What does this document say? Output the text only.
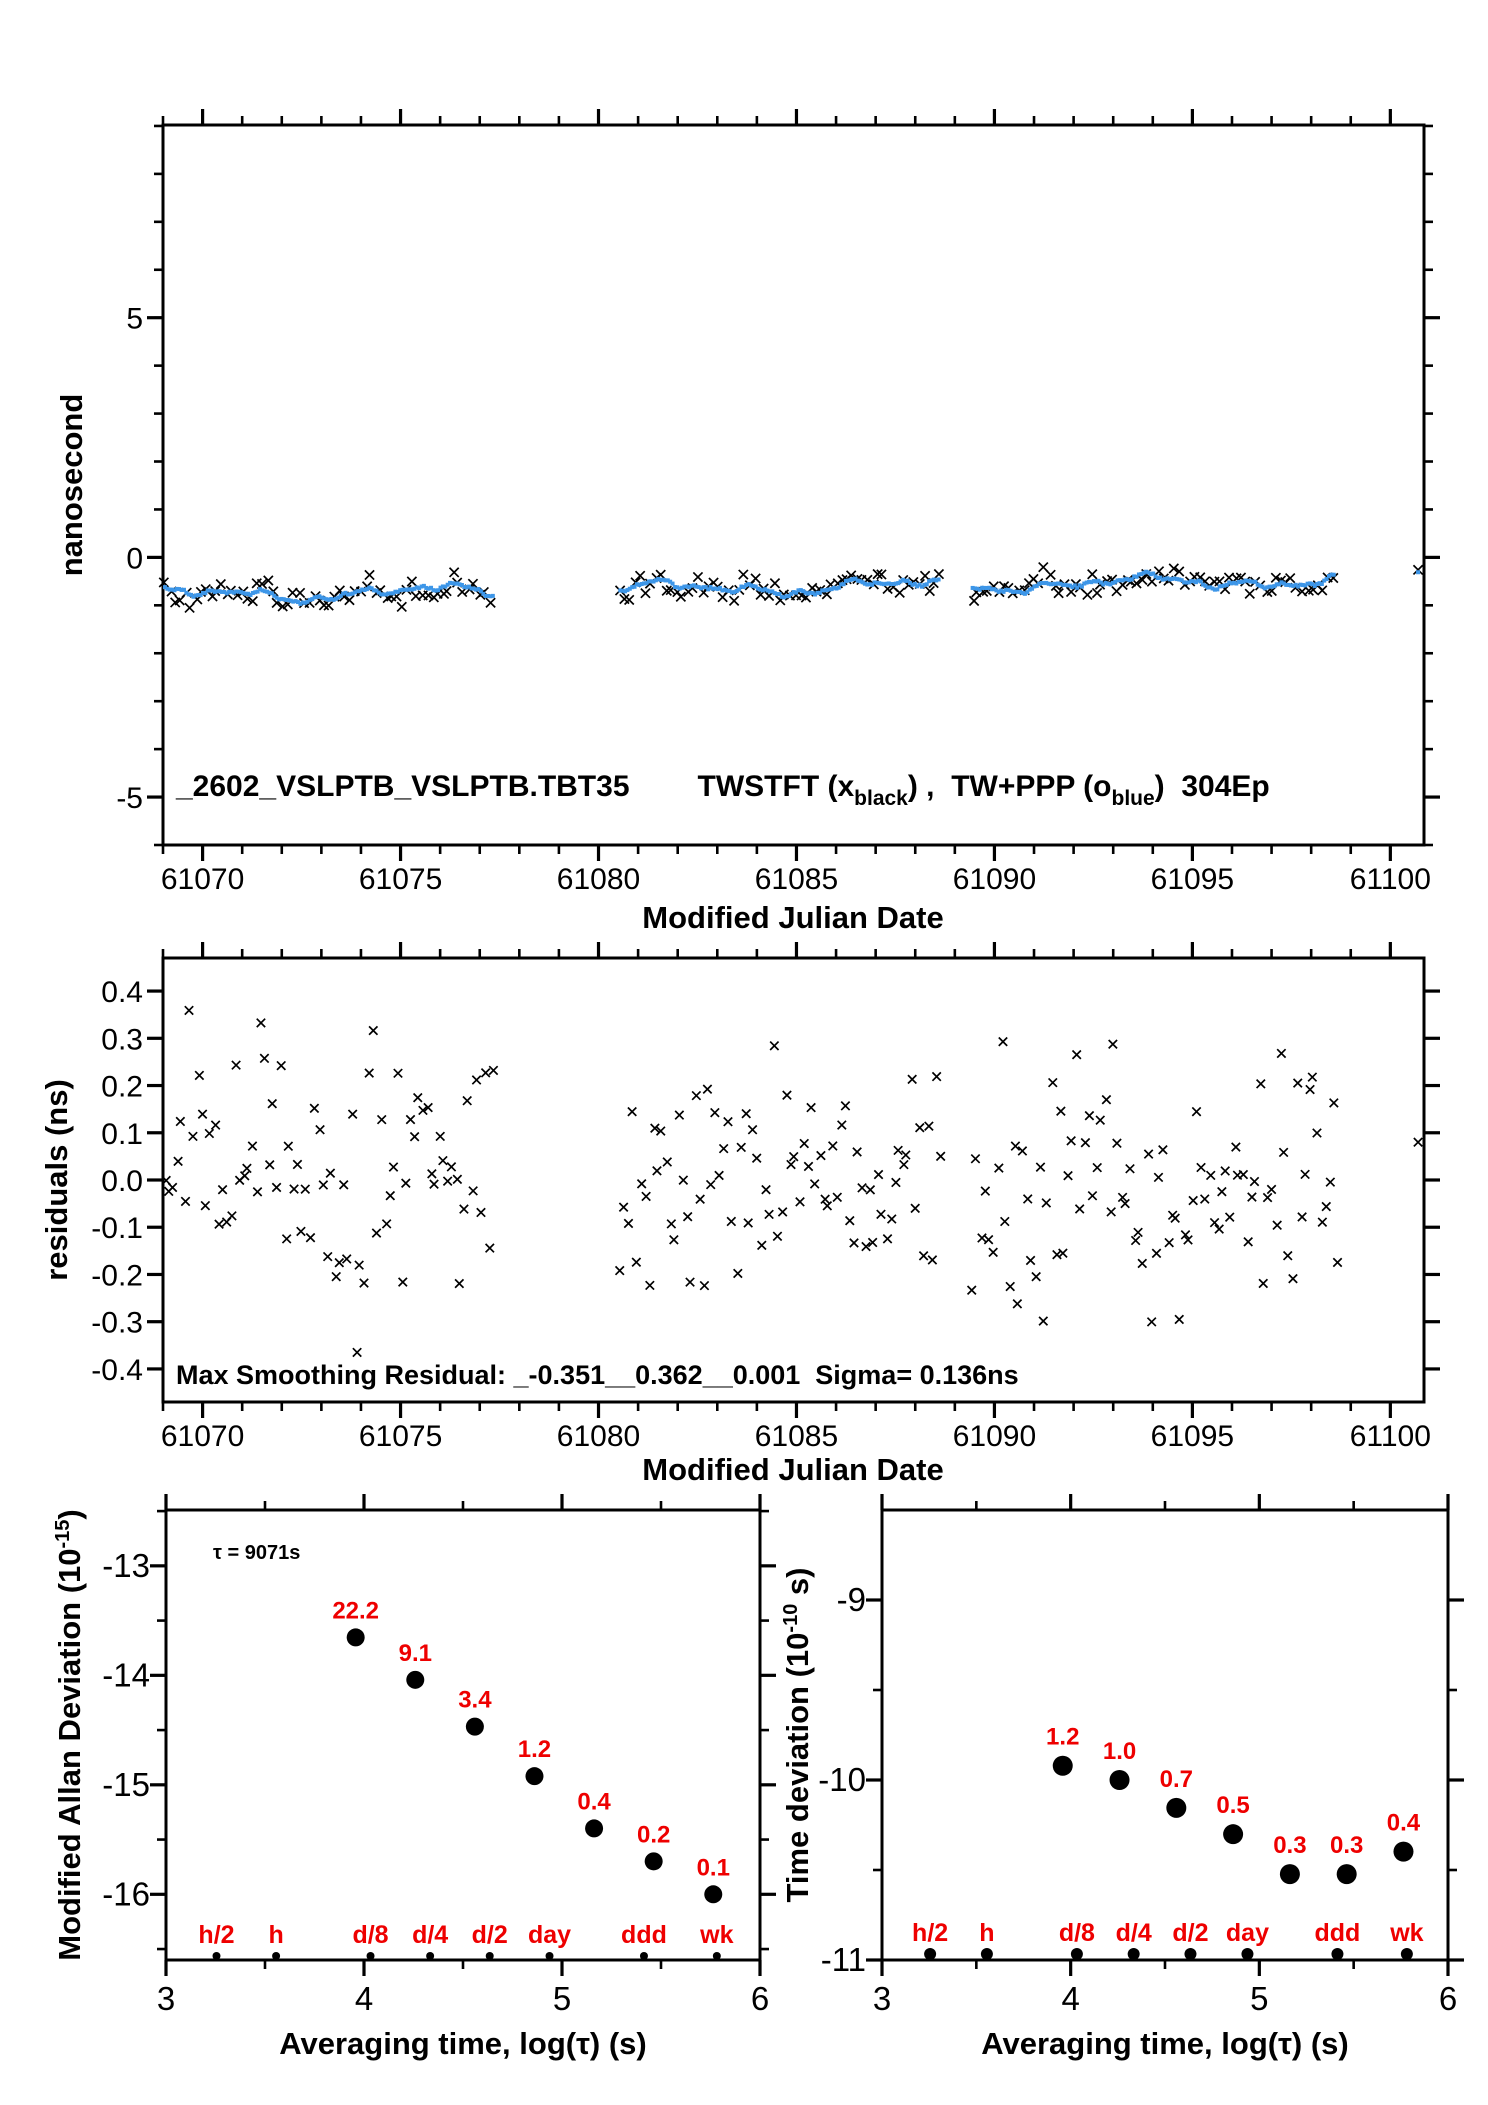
61070	61075	61080	61085	61090	61095	61100
5
0
-5
61070	61075	61080	61085	61090	61095	61100
0.4
0.3
0.2
0.1
0.0
-0.1
-0.2
-0.3
-0.4
3	4	5	6
-13
-14
-15
-16
h/2 h	d/8 d/4 d/2 day ddd wk
22.2
9.1
3.4
1.2
0.4
0.2
0.1
3	4	5	6
-9
-10
-11
h/2 h	d/8 d/4 d/2 day ddd wk
1.2
1.0
0.7
0.5
0.3 0.3
0.4
nanosecond
_2602_VSLPTB_VSLPTB.TBT35 TWSTFT $(x_{black})$ ,  TW+PPP $(o_{blue})$  304Ep
Modified Julian Date
residuals (ns)
Max Smoothing Residual: _-0.351__0.362__0.001  Sigma= 0.136ns
Modified Julian Date
Modified Allan Deviation $(10^{-15})$
τ = 9071s
Averaging time, log(τ) (s)
Time deviation ($10^{-10}$ s)
Averaging time, log(τ) (s)
